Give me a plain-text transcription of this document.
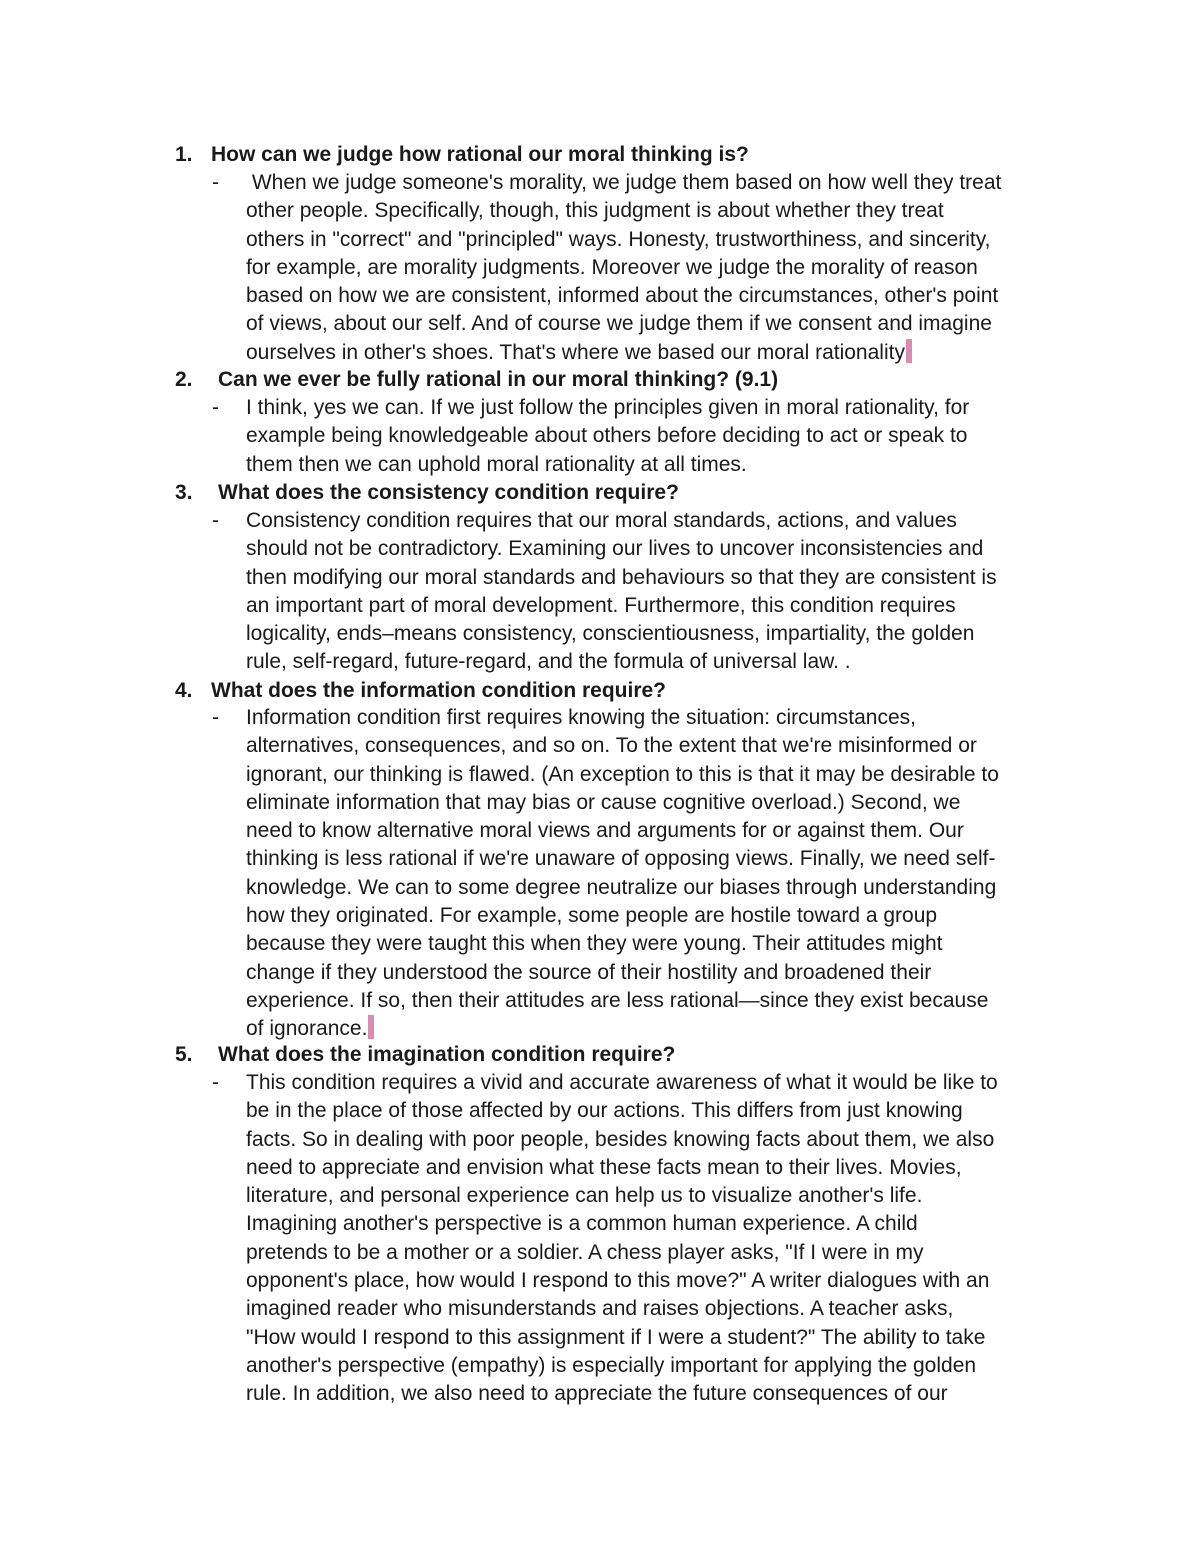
1. How can we judge how rational our moral thinking is?
- When we judge someone's morality, we judge them based on how well they treat
other people. Specifically, though, this judgment is about whether they treat
others in "correct" and "principled" ways. Honesty, trustworthiness, and sincerity,
for example, are morality judgments. Moreover we judge the morality of reason
based on how we are consistent, informed about the circumstances, other's point
of views, about our self. And of course we judge them if we consent and imagine
ourselves in other's shoes. That's where we based our moral rationality
2. Can we ever be fully rational in our moral thinking? (9.1)
- I think, yes we can. If we just follow the principles given in moral rationality, for
example being knowledgeable about others before deciding to act or speak to
them then we can uphold moral rationality at all times.
3. What does the consistency condition require?
- Consistency condition requires that our moral standards, actions, and values
should not be contradictory. Examining our lives to uncover inconsistencies and
then modifying our moral standards and behaviours so that they are consistent is
an important part of moral development. Furthermore, this condition requires
logicality, ends–means consistency, conscientiousness, impartiality, the golden
rule, self-regard, future-regard, and the formula of universal law. .
4. What does the information condition require?
- Information condition first requires knowing the situation: circumstances,
alternatives, consequences, and so on. To the extent that we're misinformed or
ignorant, our thinking is flawed. (An exception to this is that it may be desirable to
eliminate information that may bias or cause cognitive overload.) Second, we
need to know alternative moral views and arguments for or against them. Our
thinking is less rational if we're unaware of opposing views. Finally, we need self-
knowledge. We can to some degree neutralize our biases through understanding
how they originated. For example, some people are hostile toward a group
because they were taught this when they were young. Their attitudes might
change if they understood the source of their hostility and broadened their
experience. If so, then their attitudes are less rational—since they exist because
of ignorance.
5. What does the imagination condition require?
- This condition requires a vivid and accurate awareness of what it would be like to
be in the place of those affected by our actions. This differs from just knowing
facts. So in dealing with poor people, besides knowing facts about them, we also
need to appreciate and envision what these facts mean to their lives. Movies,
literature, and personal experience can help us to visualize another's life.
Imagining another's perspective is a common human experience. A child
pretends to be a mother or a soldier. A chess player asks, "If I were in my
opponent's place, how would I respond to this move?" A writer dialogues with an
imagined reader who misunderstands and raises objections. A teacher asks,
"How would I respond to this assignment if I were a student?" The ability to take
another's perspective (empathy) is especially important for applying the golden
rule. In addition, we also need to appreciate the future consequences of our
